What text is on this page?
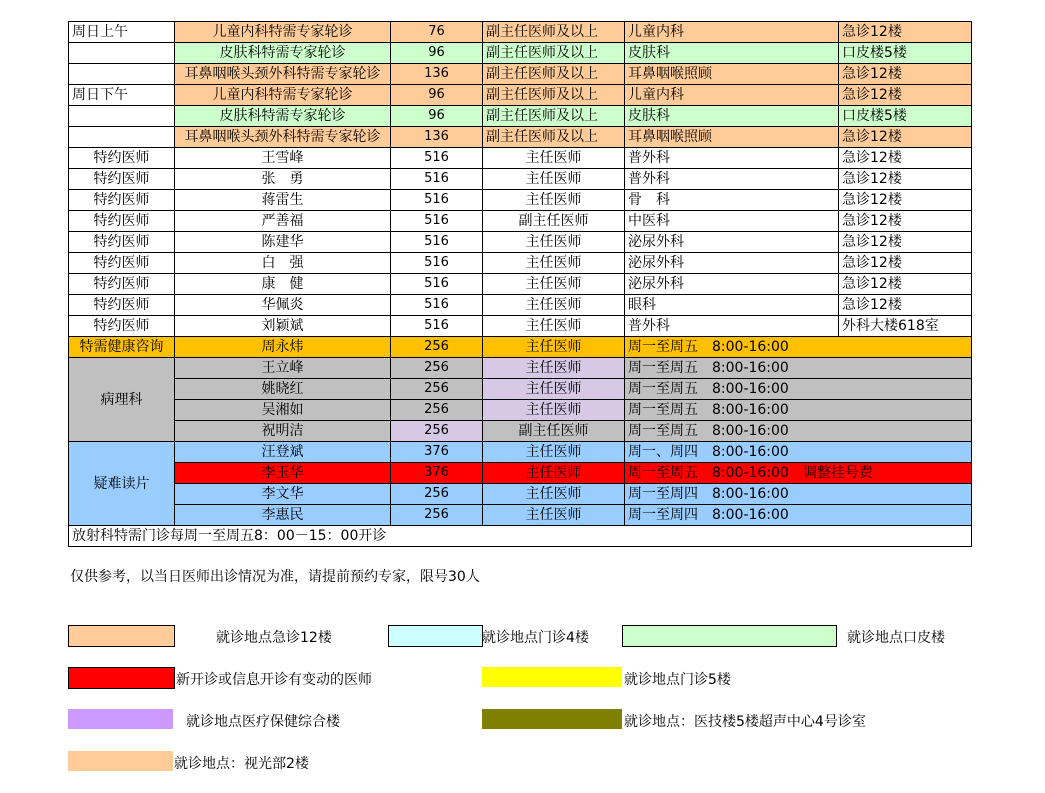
周日上午	儿童内科特需专家轮诊	76	副主任医师及以上	儿童内科	急诊12楼
	皮肤科特需专家轮诊	96	副主任医师及以上	皮肤科	口皮楼5楼
	耳鼻咽喉头颈外科特需专家轮诊	136	副主任医师及以上	耳鼻咽喉照顾	急诊12楼
周日下午	儿童内科特需专家轮诊	96	副主任医师及以上	儿童内科	急诊12楼
	皮肤科特需专家轮诊	96	副主任医师及以上	皮肤科	口皮楼5楼
	耳鼻咽喉头颈外科特需专家轮诊	136	副主任医师及以上	耳鼻咽喉照顾	急诊12楼
特约医师	王雪峰	516	主任医师	普外科	急诊12楼
特约医师	张　勇	516	主任医师	普外科	急诊12楼
特约医师	蒋雷生	516	主任医师	骨　科	急诊12楼
特约医师	严善福	516	副主任医师	中医科	急诊12楼
特约医师	陈建华	516	主任医师	泌尿外科	急诊12楼
特约医师	白　强	516	主任医师	泌尿外科	急诊12楼
特约医师	康　健	516	主任医师	泌尿外科	急诊12楼
特约医师	华佩炎	516	主任医师	眼科	急诊12楼
特约医师	刘颖斌	516	主任医师	普外科	外科大楼618室
特需健康咨询	周永炜	256	主任医师	周一至周五　8:00-16:00	
病理科	王立峰	256	主任医师	周一至周五　8:00-16:00	
	姚晓红	256	主任医师	周一至周五　8:00-16:00	
	吴湘如	256	主任医师	周一至周五　8:00-16:00	
	祝明洁	256	副主任医师	周一至周五　8:00-16:00	
疑难读片	汪登斌	376	主任医师	周一、周四　8:00-16:00	
	李玉华	376	主任医师	周一至周五　8:00-16:00　调整挂号费	
	李文华	256	主任医师	周一至周四　8:00-16:00	
	李惠民	256	主任医师	周一至周四　8:00-16:00	
放射科特需门诊每周一至周五8：00－15：00开诊					
仅供参考，以当日医师出诊情况为准，请提前预约专家，限号30人
就诊地点急诊12楼	就诊地点门诊4楼	就诊地点口皮楼
新开诊或信息开诊有变动的医师	就诊地点门诊5楼
就诊地点医疗保健综合楼	就诊地点：医技楼5楼超声中心4号诊室
就诊地点：视光部2楼
